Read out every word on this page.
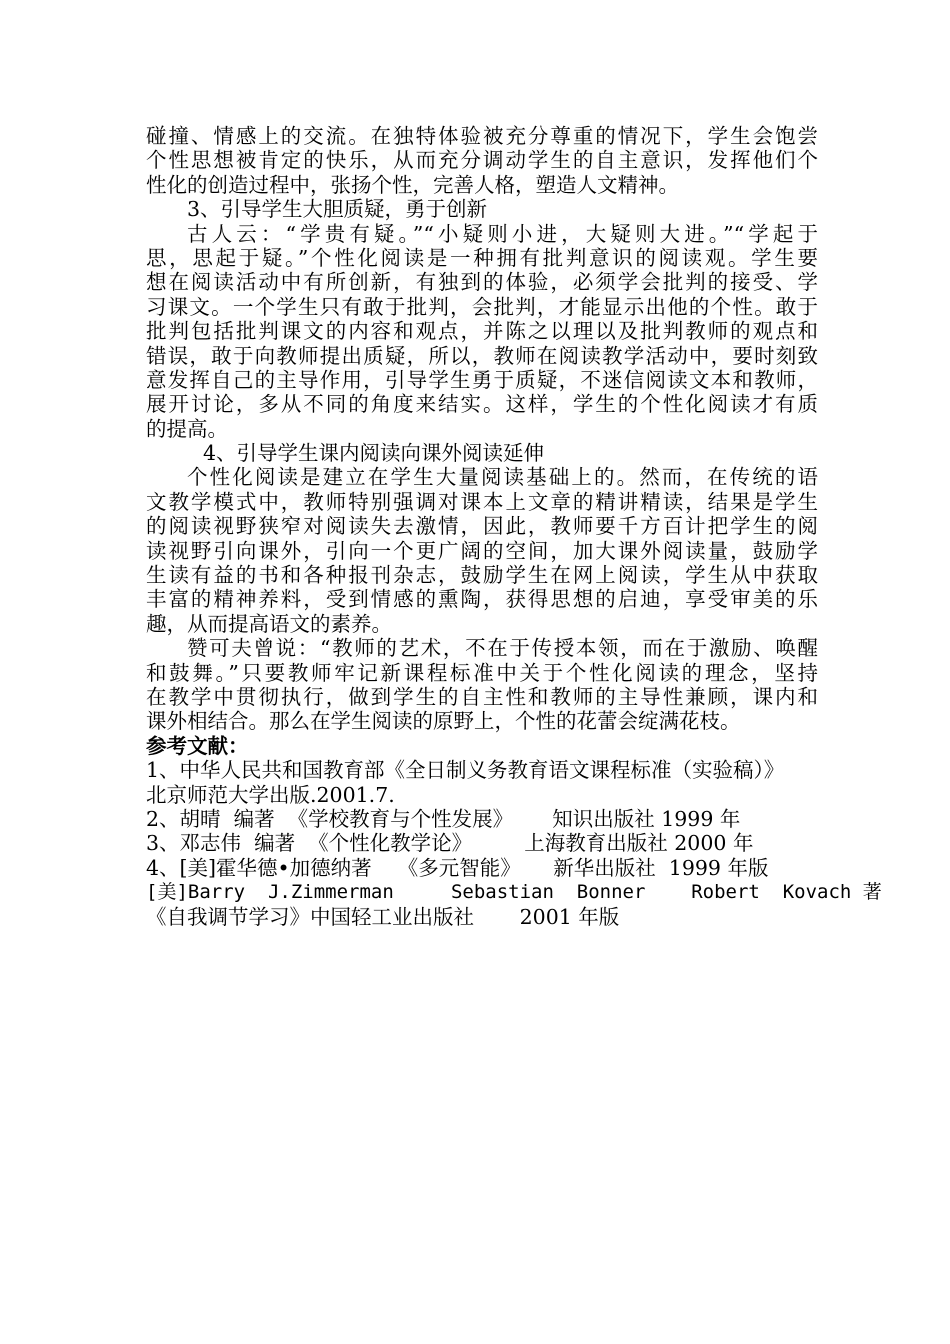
碰撞、情感上的交流。在独特体验被充分尊重的情况下，学生会饱尝
个性思想被肯定的快乐，从而充分调动学生的自主意识，发挥他们个
性化的创造过程中，张扬个性，完善人格，塑造人文精神。
3、引导学生大胆质疑，勇于创新
古人云：“学贵有疑。”“小疑则小进，大疑则大进。”“学起于
思，思起于疑。”个性化阅读是一种拥有批判意识的阅读观。学生要
想在阅读活动中有所创新，有独到的体验，必须学会批判的接受、学
习课文。一个学生只有敢于批判，会批判，才能显示出他的个性。敢于
批判包括批判课文的内容和观点，并陈之以理以及批判教师的观点和
错误，敢于向教师提出质疑，所以，教师在阅读教学活动中，要时刻致
意发挥自己的主导作用，引导学生勇于质疑，不迷信阅读文本和教师，
展开讨论，多从不同的角度来结实。这样，学生的个性化阅读才有质
的提高。
4、引导学生课内阅读向课外阅读延伸
个性化阅读是建立在学生大量阅读基础上的。然而，在传统的语
文教学模式中，教师特别强调对课本上文章的精讲精读，结果是学生
的阅读视野狭窄对阅读失去激情，因此，教师要千方百计把学生的阅
读视野引向课外，引向一个更广阔的空间，加大课外阅读量，鼓励学
生读有益的书和各种报刊杂志，鼓励学生在网上阅读，学生从中获取
丰富的精神养料，受到情感的熏陶，获得思想的启迪，享受审美的乐
趣，从而提高语文的素养。
赞可夫曾说：“教师的艺术，不在于传授本领，而在于激励、唤醒
和鼓舞。”只要教师牢记新课程标准中关于个性化阅读的理念，坚持
在教学中贯彻执行，做到学生的自主性和教师的主导性兼顾，课内和
课外相结合。那么在学生阅读的原野上，个性的花蕾会绽满花枝。
参考文献：
1、中华人民共和国教育部《全日制义务教育语文课程标准（实验稿）》
北京师范大学出版.2001.7.
2、胡晴  编著  《学校教育与个性发展》      知识出版社 1999 年
3、邓志伟  编著  《个性化教学论》        上海教育出版社 2000 年
4、[美]霍华德•加德纳著    《多元智能》     新华出版社  1999 年版
[美]Barry  J.Zimmerman     Sebastian  Bonner    Robert  Kovach 著
《自我调节学习》中国轻工业出版社       2001 年版
